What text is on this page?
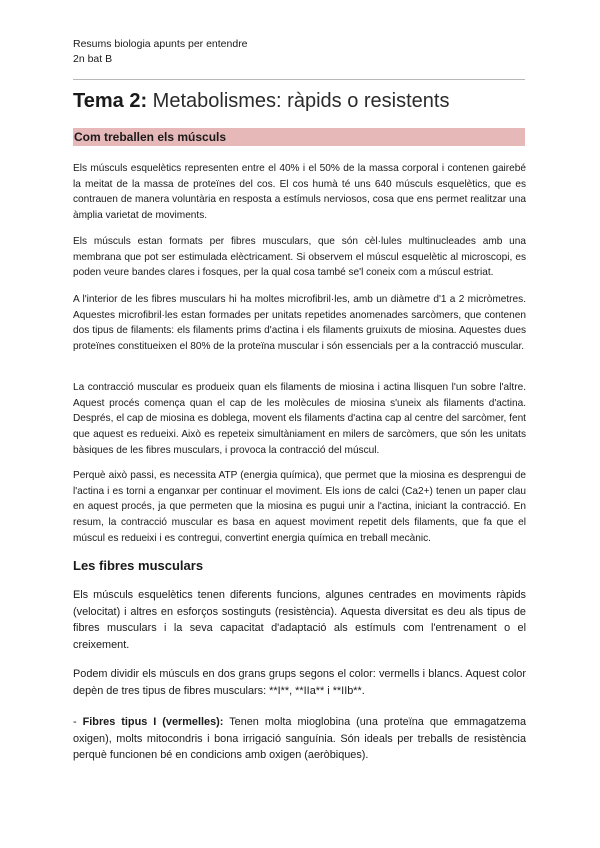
Resums biologia apunts per entendre
2n bat B
Tema 2: Metabolismes: ràpids o resistents
Com treballen els músculs

Els músculs esquelètics representen entre el 40% i el 50% de la massa corporal i contenen gairebé la meitat de la massa de proteïnes del cos. El cos humà té uns 640 músculs esquelètics, que es contrauen de manera voluntària en resposta a estímuls nerviosos, cosa que ens permet realitzar una àmplia varietat de moviments.

Els músculs estan formats per fibres musculars, que són cèl·lules multinucleades amb una membrana que pot ser estimulada elèctricament. Si observem el múscul esquelètic al microscopi, es poden veure bandes clares i fosques, per la qual cosa també se'l coneix com a múscul estriat.

A l'interior de les fibres musculars hi ha moltes microfibril·les, amb un diàmetre d'1 a 2 micròmetres. Aquestes microfibril·les estan formades per unitats repetides anomenades sarcòmers, que contenen dos tipus de filaments: els filaments prims d'actina i els filaments gruixuts de miosina. Aquestes dues proteïnes constitueixen el 80% de la proteïna muscular i són essencials per a la contracció muscular.

La contracció muscular es produeix quan els filaments de miosina i actina llisquen l'un sobre l'altre. Aquest procés comença quan el cap de les molècules de miosina s'uneix als filaments d'actina. Després, el cap de miosina es doblega, movent els filaments d'actina cap al centre del sarcòmer, fent que aquest es redueixi. Això es repeteix simultàniament en milers de sarcòmers, que són les unitats bàsiques de les fibres musculars, i provoca la contracció del múscul.

Perquè això passi, es necessita ATP (energia química), que permet que la miosina es desprengui de l'actina i es torni a enganxar per continuar el moviment. Els ions de calci (Ca2+) tenen un paper clau en aquest procés, ja que permeten que la miosina es pugui unir a l'actina, iniciant la contracció. En resum, la contracció muscular es basa en aquest moviment repetit dels filaments, que fa que el múscul es redueixi i es contregui, convertint energia química en treball mecànic.

Les fibres musculars

Els músculs esquelètics tenen diferents funcions, algunes centrades en moviments ràpids (velocitat) i altres en esforços sostinguts (resistència). Aquesta diversitat es deu als tipus de fibres musculars i la seva capacitat d'adaptació als estímuls com l'entrenament o el creixement.

Podem dividir els músculs en dos grans grups segons el color: vermells i blancs. Aquest color depèn de tres tipus de fibres musculars: **I**, **IIa** i **IIb**.

- Fibres tipus I (vermelles): Tenen molta mioglobina (una proteïna que emmagatzema oxigen), molts mitocondris i bona irrigació sanguínia. Són ideals per treballs de resistència perquè funcionen bé en condicions amb oxigen (aeròbiques).
